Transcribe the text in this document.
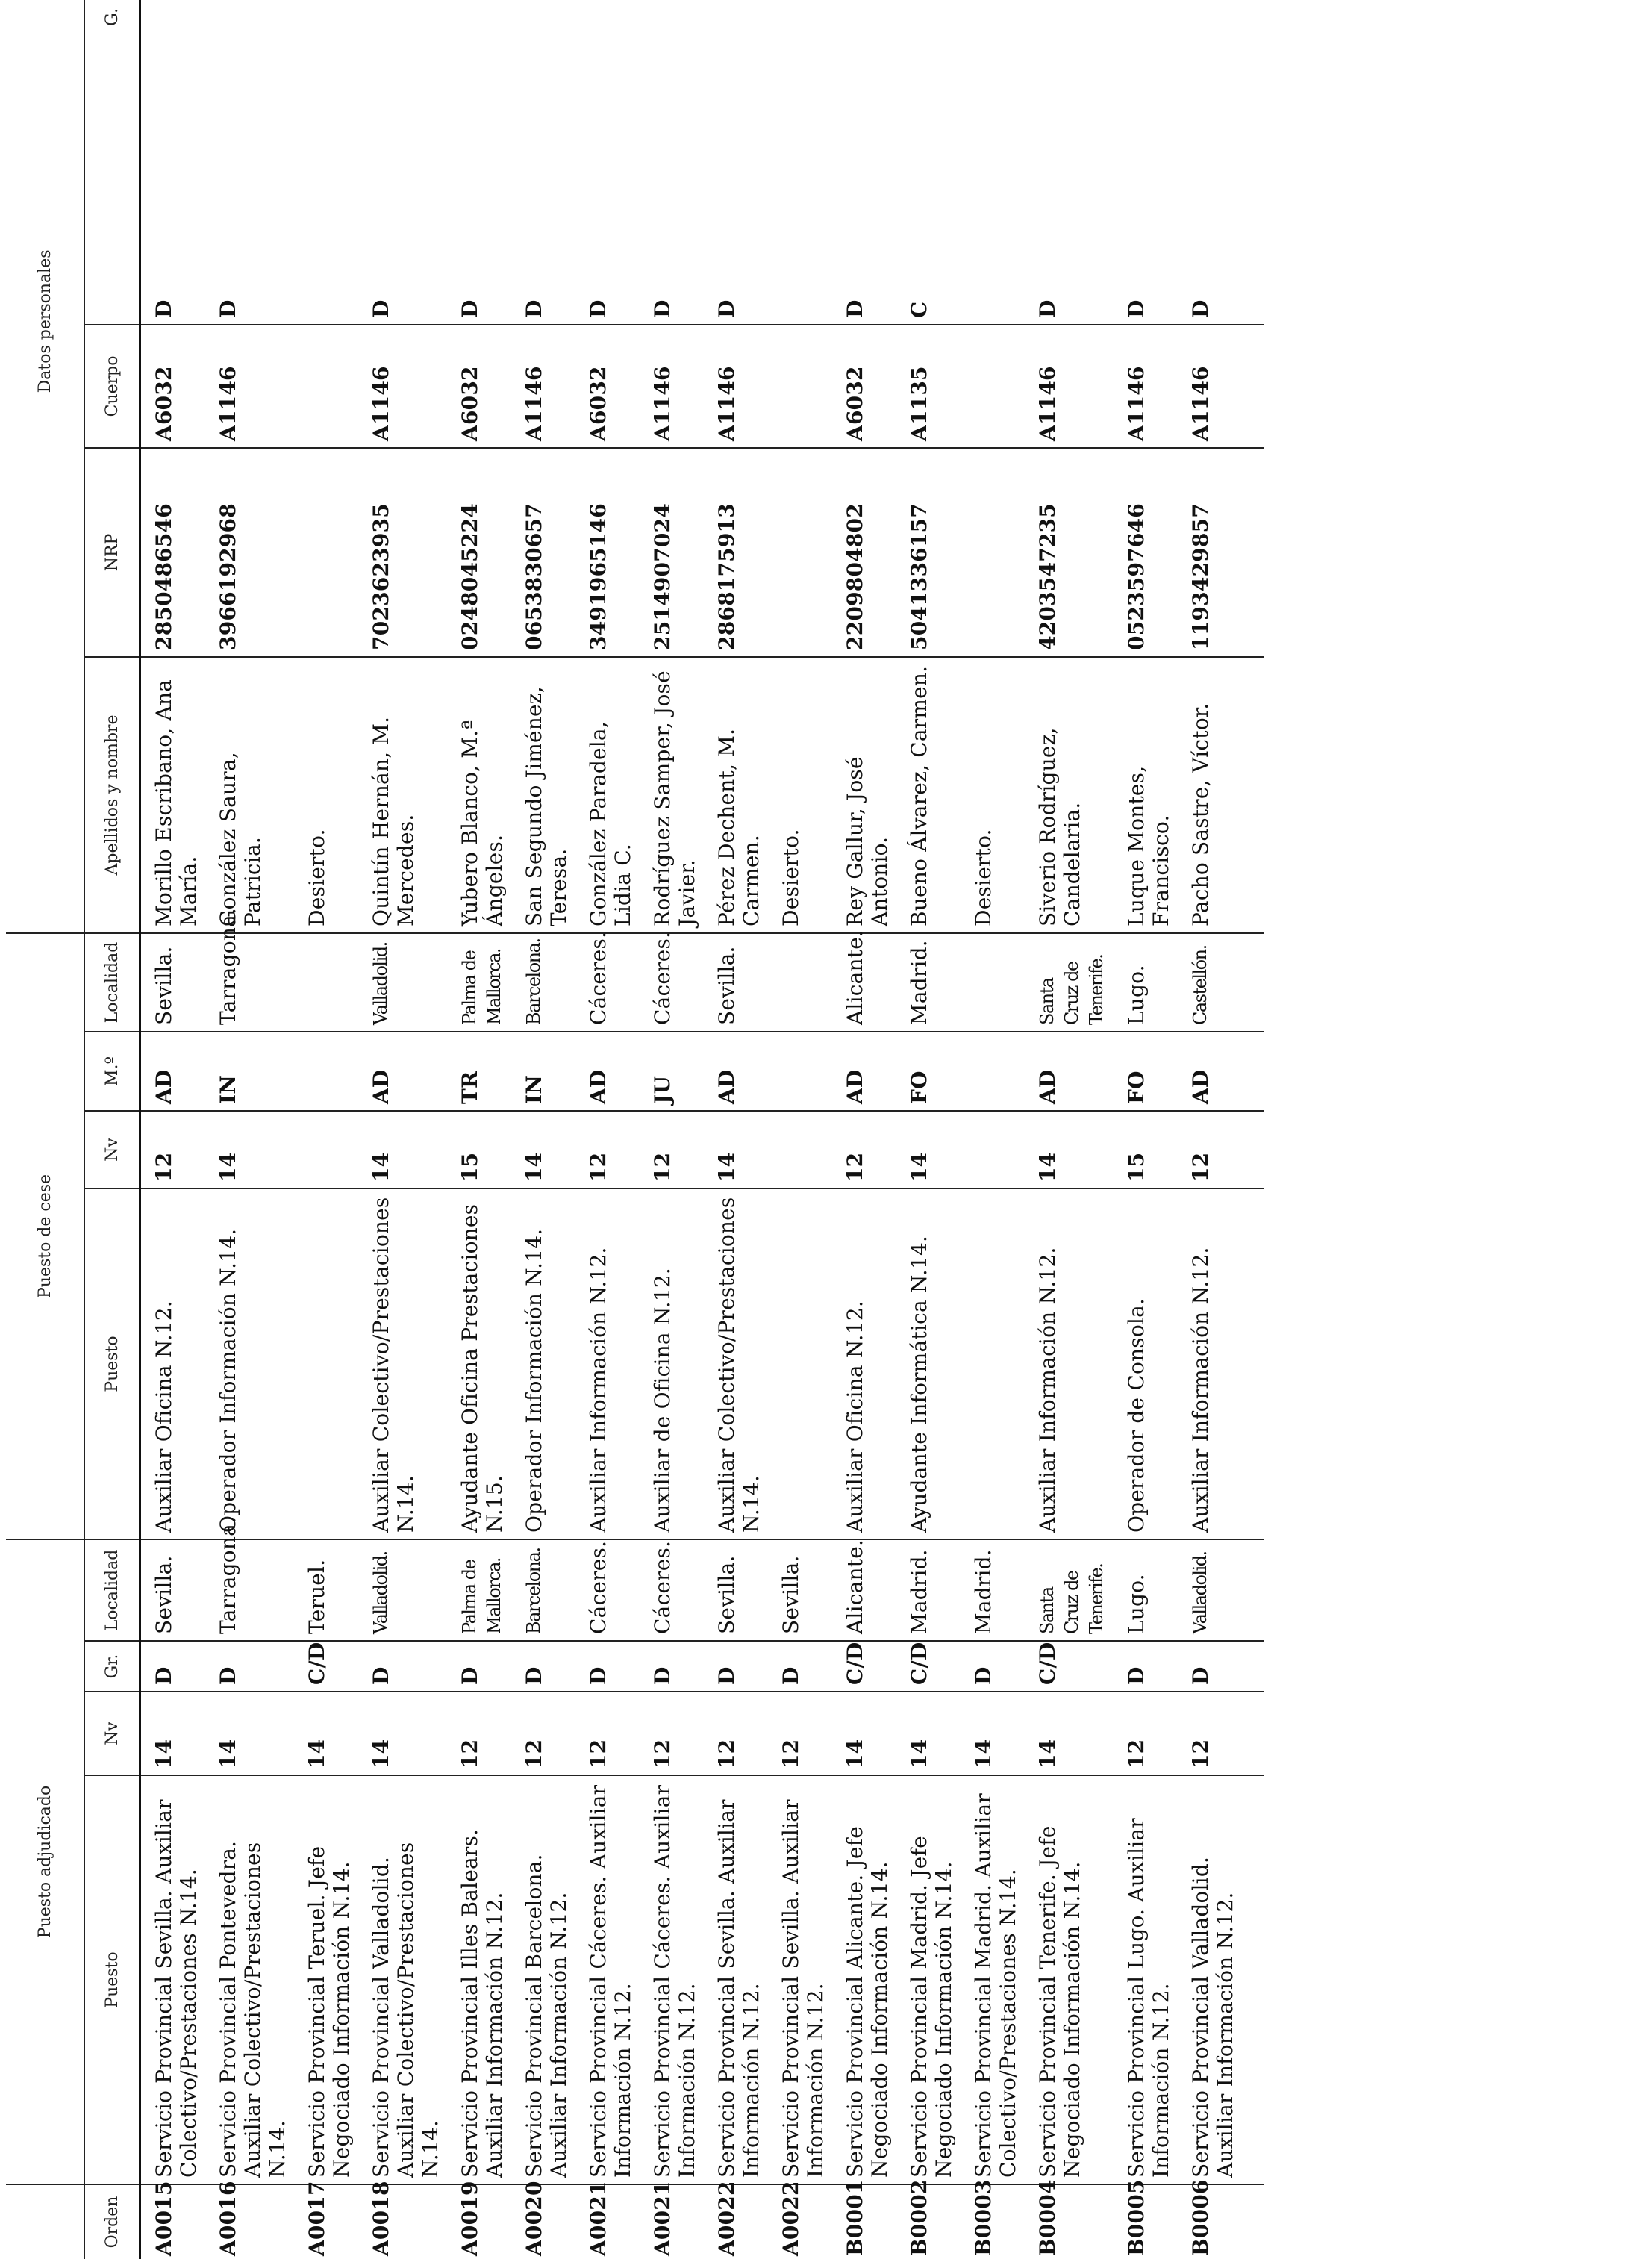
	Puesto adjudicado				Puesto de cese				Datos personales			
Orden	Puesto	Nv	Gr.	Localidad	Puesto	Nv	M.º	Localidad	Apellidos y nombre	NRP	Cuerpo	G.
A0015	Servicio Provincial Sevilla. Auxiliar Colectivo/Prestaciones N.14.	14	D	Sevilla.	Auxiliar Oficina N.12.	12	AD	Sevilla.	Morillo Escribano, Ana María.	2850486546	A6032	D
A0016	Servicio Provincial Pontevedra. Auxiliar Colectivo/Prestaciones N.14.	14	D	Tarragona.	Operador Información N.14.	14	IN	Tarragona.	González Saura, Patricia.	3966192968	A1146	D
A0017	Servicio Provincial Teruel. Jefe Negociado Información N.14.	14	C/D	Teruel.					Desierto.			
A0018	Servicio Provincial Valladolid. Auxiliar Colectivo/Prestaciones N.14.	14	D	Valladolid.	Auxiliar Colectivo/Prestaciones N.14.	14	AD	Valladolid.	Quintín Hernán, M. Mercedes.	7023623935	A1146	D
A0019	Servicio Provincial Illes Balears. Auxiliar Información N.12.	12	D	Palma de Mallorca.	Ayudante Oficina Prestaciones N.15.	15	TR	Palma de Mallorca.	Yubero Blanco, M.ª Ángeles.	0248045224	A6032	D
A0020	Servicio Provincial Barcelona. Auxiliar Información N.12.	12	D	Barcelona.	Operador Información N.14.	14	IN	Barcelona.	San Segundo Jiménez, Teresa.	0653830657	A1146	D
A0021	Servicio Provincial Cáceres. Auxiliar Información N.12.	12	D	Cáceres.	Auxiliar Información N.12.	12	AD	Cáceres.	González Paradela, Lidia C.	3491965146	A6032	D
A0021	Servicio Provincial Cáceres. Auxiliar Información N.12.	12	D	Cáceres.	Auxiliar de Oficina N.12.	12	JU	Cáceres.	Rodríguez Samper, José Javier.	2514907024	A1146	D
A0022	Servicio Provincial Sevilla. Auxiliar Información N.12.	12	D	Sevilla.	Auxiliar Colectivo/Prestaciones N.14.	14	AD	Sevilla.	Pérez Dechent, M. Carmen.	2868175913	A1146	D
A0022	Servicio Provincial Sevilla. Auxiliar Información N.12.	12	D	Sevilla.					Desierto.			
B0001	Servicio Provincial Alicante. Jefe Negociado Información N.14.	14	C/D	Alicante.	Auxiliar Oficina N.12.	12	AD	Alicante.	Rey Gallur, José Antonio.	2209804802	A6032	D
B0002	Servicio Provincial Madrid. Jefe Negociado Información N.14.	14	C/D	Madrid.	Ayudante Informática N.14.	14	FO	Madrid.	Bueno Álvarez, Carmen.	5041336157	A1135	C
B0003	Servicio Provincial Madrid. Auxiliar Colectivo/Prestaciones N.14.	14	D	Madrid.					Desierto.			
B0004	Servicio Provincial Tenerife. Jefe Negociado Información N.14.	14	C/D	Santa Cruz de Tenerife.	Auxiliar Información N.12.	14	AD	Santa Cruz de Tenerife.	Siverio Rodríguez, Candelaria.	4203547235	A1146	D
B0005	Servicio Provincial Lugo. Auxiliar Información N.12.	12	D	Lugo.	Operador de Consola.	15	FO	Lugo.	Luque Montes, Francisco.	0523597646	A1146	D
B0006	Servicio Provincial Valladolid. Auxiliar Información N.12.	12	D	Valladolid.	Auxiliar Información N.12.	12	AD	Castellón.	Pacho Sastre, Víctor.	1193429857	A1146	D
